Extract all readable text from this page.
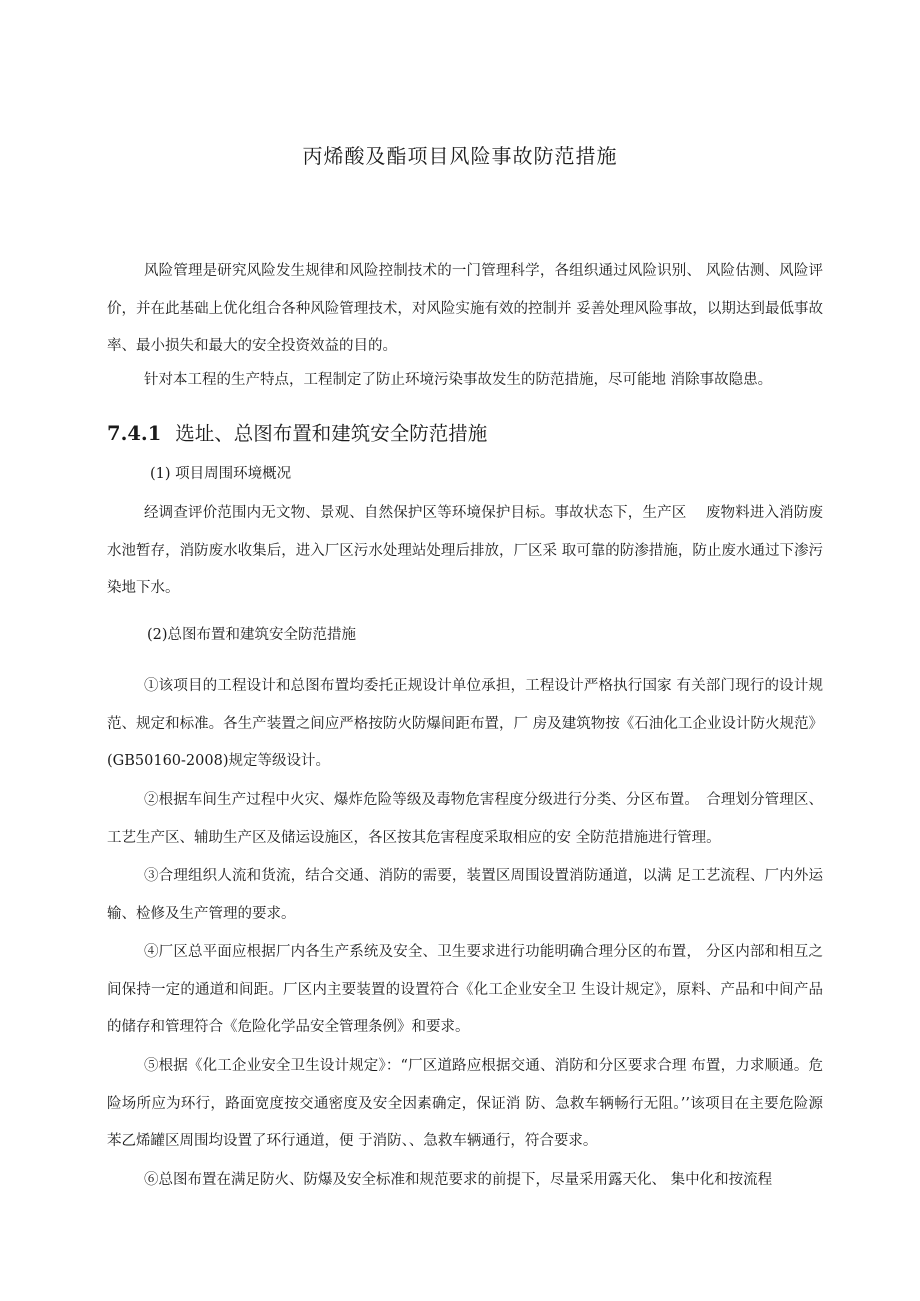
丙烯酸及酯项目风险事故防范措施

风险管理是研究风险发生规律和风险控制技术的一门管理科学，各组织通过风险识别、 风险估测、风险评价，并在此基础上优化组合各种风险管理技术，对风险实施有效的控制并 妥善处理风险事故，以期达到最低事故率、最小损失和最大的安全投资效益的目的。

针对本工程的生产特点，工程制定了防止环境污染事故发生的防范措施，尽可能地 消除事故隐患。

7.4.1 选址、总图布置和建筑安全防范措施
(1) 项目周围环境概况

经调查评价范围内无文物、景观、自然保护区等环境保护目标。事故状态下，生产区　 废物料进入消防废水池暂存，消防废水收集后，进入厂区污水处理站处理后排放，厂区采 取可靠的防渗措施，防止废水通过下渗污染地下水。

(2)总图布置和建筑安全防范措施

①该项目的工程设计和总图布置均委托正规设计单位承担，工程设计严格执行国家 有关部门现行的设计规范、规定和标准。各生产装置之间应严格按防火防爆间距布置，厂 房及建筑物按《石油化工企业设计防火规范》(GB50160-2008)规定等级设计。

②根据车间生产过程中火灾、爆炸危险等级及毒物危害程度分级进行分类、分区布置。　合理划分管理区、工艺生产区、辅助生产区及储运设施区，各区按其危害程度采取相应的安 全防范措施进行管理。

③合理组织人流和货流，结合交通、消防的需要，装置区周围设置消防通道，以满 足工艺流程、厂内外运输、检修及生产管理的要求。

④厂区总平面应根据厂内各生产系统及安全、卫生要求进行功能明确合理分区的布置， 分区内部和相互之间保持一定的通道和间距。厂区内主要装置的设置符合《化工企业安全卫 生设计规定》，原料、产品和中间产品的储存和管理符合《危险化学品安全管理条例》和要求。

⑤根据《化工企业安全卫生设计规定》：“厂区道路应根据交通、消防和分区要求合理 布置，力求顺通。危险场所应为环行，路面宽度按交通密度及安全因素确定，保证消 防、急救车辆畅行无阻。’’该项目在主要危险源苯乙烯罐区周围均设置了环行通道，便 于消防、、急救车辆通行，符合要求。

⑥总图布置在满足防火、防爆及安全标准和规范要求的前提下，尽量采用露天化、 集中化和按流程
